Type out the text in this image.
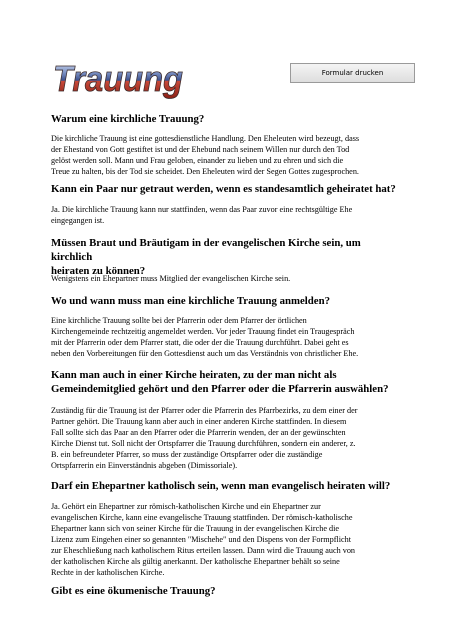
Trauung	Formular drucken
Warum eine kirchliche Trauung?

Die kirchliche Trauung ist eine gottesdienstliche Handlung. Den Eheleuten wird bezeugt, dass
der Ehestand von Gott gestiftet ist und der Ehebund nach seinem Willen nur durch den Tod
gelöst werden soll. Mann und Frau geloben, einander zu lieben und zu ehren und sich die
Treue zu halten, bis der Tod sie scheidet. Den Eheleuten wird der Segen Gottes zugesprochen.

Kann ein Paar nur getraut werden, wenn es standesamtlich geheiratet hat?

Ja. Die kirchliche Trauung kann nur stattfinden, wenn das Paar zuvor eine rechtsgültige Ehe
eingegangen ist.

Müssen Braut und Bräutigam in der evangelischen Kirche sein, um kirchlich
heiraten zu können?

Wenigstens ein Ehepartner muss Mitglied der evangelischen Kirche sein.

Wo und wann muss man eine kirchliche Trauung anmelden?

Eine kirchliche Trauung sollte bei der Pfarrerin oder dem Pfarrer der örtlichen
Kirchengemeinde rechtzeitig angemeldet werden. Vor jeder Trauung findet ein Traugespräch
mit der Pfarrerin oder dem Pfarrer statt, die oder der die Trauung durchführt. Dabei geht es
neben den Vorbereitungen für den Gottesdienst auch um das Verständnis von christlicher Ehe.

Kann man auch in einer Kirche heiraten, zu der man nicht als
Gemeindemitglied gehört und den Pfarrer oder die Pfarrerin auswählen?

Zuständig für die Trauung ist der Pfarrer oder die Pfarrerin des Pfarrbezirks, zu dem einer der
Partner gehört. Die Trauung kann aber auch in einer anderen Kirche stattfinden. In diesem
Fall sollte sich das Paar an den Pfarrer oder die Pfarrerin wenden, der an der gewünschten
Kirche Dienst tut. Soll nicht der Ortspfarrer die Trauung durchführen, sondern ein anderer, z.
B. ein befreundeter Pfarrer, so muss der zuständige Ortspfarrer oder die zuständige
Ortspfarrerin ein Einverständnis abgeben (Dimissoriale).

Darf ein Ehepartner katholisch sein, wenn man evangelisch heiraten will?

Ja. Gehört ein Ehepartner zur römisch-katholischen Kirche und ein Ehepartner zur
evangelischen Kirche, kann eine evangelische Trauung stattfinden. Der römisch-katholische
Ehepartner kann sich von seiner Kirche für die Trauung in der evangelischen Kirche die
Lizenz zum Eingehen einer so genannten "Mischehe" und den Dispens von der Formpflicht
zur Eheschließung nach katholischem Ritus erteilen lassen. Dann wird die Trauung auch von
der katholischen Kirche als gültig anerkannt. Der katholische Ehepartner behält so seine
Rechte in der katholischen Kirche.

Gibt es eine ökumenische Trauung?
